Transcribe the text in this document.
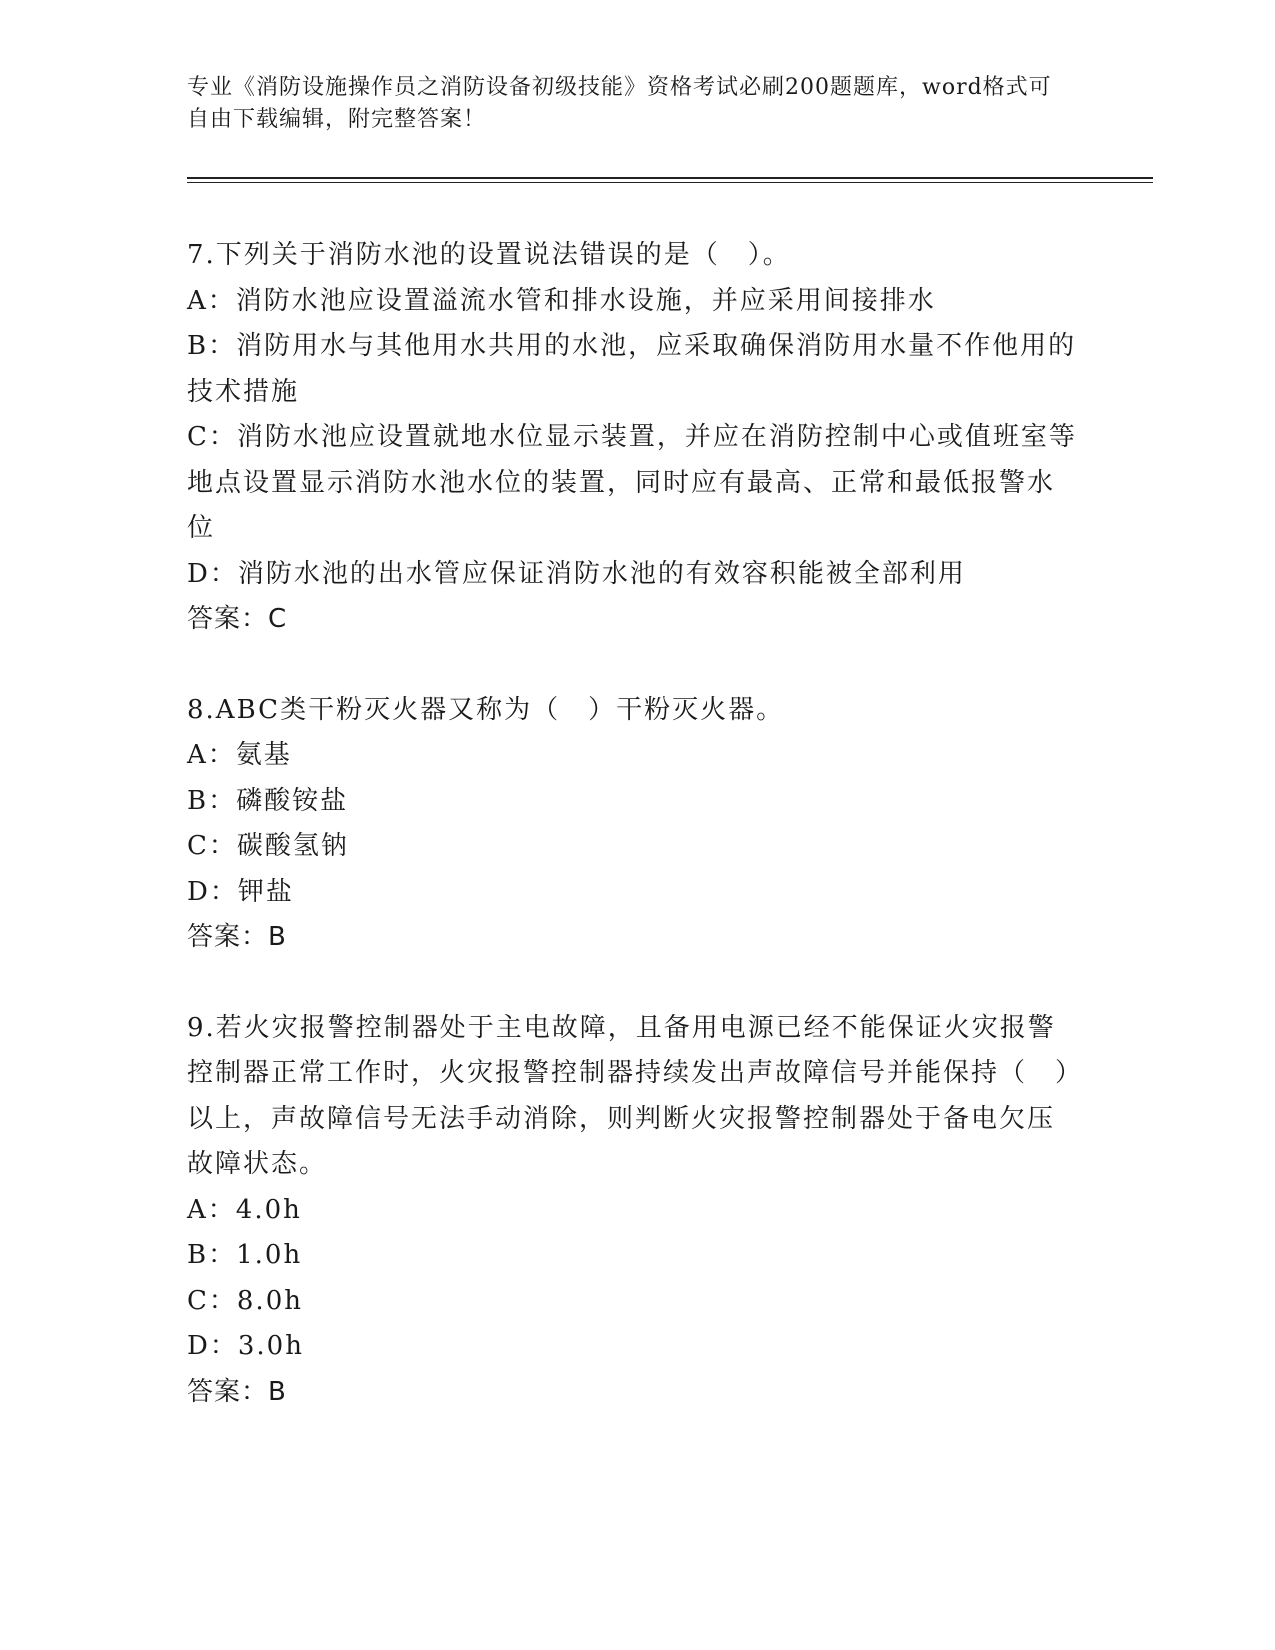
专业《消防设施操作员之消防设备初级技能》资格考试必刷200题题库，word格式可自由下载编辑，附完整答案！

7.下列关于消防水池的设置说法错误的是（　）。

A：消防水池应设置溢流水管和排水设施，并应采用间接排水

B：消防用水与其他用水共用的水池，应采取确保消防用水量不作他用的技术措施

C：消防水池应设置就地水位显示装置，并应在消防控制中心或值班室等地点设置显示消防水池水位的装置，同时应有最高、正常和最低报警水位

D：消防水池的出水管应保证消防水池的有效容积能被全部利用

答案：C

8.ABC类干粉灭火器又称为（　）干粉灭火器。

A：氨基

B：磷酸铵盐

C：碳酸氢钠

D：钾盐

答案：B

9.若火灾报警控制器处于主电故障，且备用电源已经不能保证火灾报警控制器正常工作时，火灾报警控制器持续发出声故障信号并能保持（　）以上，声故障信号无法手动消除，则判断火灾报警控制器处于备电欠压故障状态。

A：4.0h

B：1.0h

C：8.0h

D：3.0h

答案：B
